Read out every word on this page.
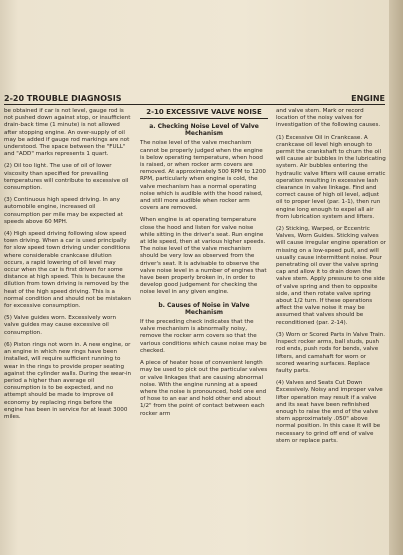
2-20 TROUBLE DIAGNOSIS	ENGINE

be obtained if car is not level, gauge rod is not pushed down against stop, or insufficient drain-back time (1 minute) is not allowed after stopping engine. An over-supply of oil may be added if gauge rod markings are not understood. The space between the "FULL" and "ADD" marks represents 1 quart.

(2) Oil too light. The use of oil of lower viscosity than specified for prevailing temperatures will contribute to excessive oil consumption.

(3) Continuous high speed driving. In any automobile engine, increased oil consumption per mile may be expected at speeds above 60 MPH.

(4) High speed driving following slow speed town driving. When a car is used principally for slow speed town driving under conditions where considerable crankcase dilution occurs, a rapid lowering of oil level may occur when the car is first driven for some distance at high speed. This is because the dilution from town driving is removed by the heat of the high speed driving. This is a normal condition and should not be mistaken for excessive consumption.

(5) Valve guides worn. Excessively worn valve guides may cause excessive oil consumption.

(6) Piston rings not worn in. A new engine, or an engine in which new rings have been installed, will require sufficient running to wear in the rings to provide proper seating against the cylinder walls. During the wear-in period a higher than average oil consumption is to be expected, and no attempt should be made to improve oil economy by replacing rings before the engine has been in service for at least 3000 miles.

2-10 EXCESSIVE VALVE NOISE
a. Checking Noise Level of Valve Mechanism

The noise level of the valve mechanism cannot be properly judged when the engine is below operating temperature, when hood is raised, or when rocker arm covers are removed. At approximately 500 RPM to 1200 RPM, particularly when engine is cold, the valve mechanism has a normal operating noise which is audible with the hood raised, and still more audible when rocker arm covers are removed.

When engine is at operating temperature close the hood and listen for valve noise while sitting in the driver's seat. Run engine at idle speed, then at various higher speeds. The noise level of the valve mechanism should be very low as observed from the driver's seat. It is advisable to observe the valve noise level in a number of engines that have been properly broken in, in order to develop good judgement for checking the noise level in any given engine.

b. Causes of Noise in Valve Mechanism

If the preceding check indicates that the valve mechanism is abnormally noisy, remove the rocker arm covers so that the various conditions which cause noise may be checked.

A piece of heater hose of convenient length may be used to pick out the particular valves or valve linkages that are causing abnormal noise. With the engine running at a speed where the noise is pronounced, hold one end of hose to an ear and hold other end about 1/2" from the point of contact between each rocker arm

and valve stem. Mark or record location of the noisy valves for investigation of the following causes.

(1) Excessive Oil in Crankcase. A crankcase oil level high enough to permit the crankshaft to churn the oil will cause air bubbles in the lubricating system. Air bubbles entering the hydraulic valve lifters will cause erratic operation resulting in excessive lash clearance in valve linkage. Find and correct cause of high oil level, adjust oil to proper level (par. 1-1), then run engine long enough to expel all air from lubrication system and lifters.

(2) Sticking, Warped, or Eccentric Valves, Worn Guides. Sticking valves will cause irregular engine operation or missing on a low-speed pull, and will usually cause intermittent noise. Pour penetrating oil over the valve spring cap and allow it to drain down the valve stem. Apply pressure to one side of valve spring and then to opposite side, and then rotate valve spring about 1/2 turn. If these operations affect the valve noise it may be assumed that valves should be reconditioned (par. 2-14).

(3) Worn or Scored Parts in Valve Train. Inspect rocker arms, ball studs, push rod ends, push rods for bends, valve lifters, and camshaft for worn or scored wearing surfaces. Replace faulty parts.

(4) Valves and Seats Cut Down Excessively. Noisy and improper valve lifter operation may result if a valve and its seat have been refinished enough to raise the end of the valve stem approximately .050" above normal position. In this case it will be necessary to grind off end of valve stem or replace parts.
